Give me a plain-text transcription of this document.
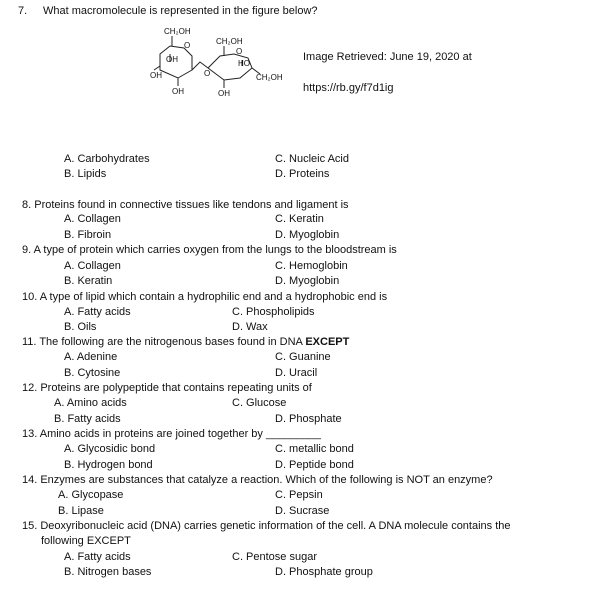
7. What macromolecule is represented in the figure below?
CH₂OH
O
OH
OH
OH
O
CH₂OH
O
HO
CH₂OH
OH
Image Retrieved: June 19, 2020 at
https://rb.gy/f7d1ig
A. Carbohydrates	C. Nucleic Acid
B. Lipids	D. Proteins
8. Proteins found in connective tissues like tendons and ligament is
A. Collagen	C. Keratin
B. Fibroin	D. Myoglobin
9. A type of protein which carries oxygen from the lungs to the bloodstream is
A. Collagen	C. Hemoglobin
B. Keratin	D. Myoglobin
10. A type of lipid which contain a hydrophilic end and a hydrophobic end is
A. Fatty acids	C. Phospholipids
B. Oils	D. Wax
11. The following are the nitrogenous bases found in DNA EXCEPT
A. Adenine	C. Guanine
B. Cytosine	D. Uracil
12. Proteins are polypeptide that contains repeating units of
A. Amino acids	C. Glucose
B. Fatty acids	D. Phosphate
13. Amino acids in proteins are joined together by _________
A. Glycosidic bond	C. metallic bond
B. Hydrogen bond	D. Peptide bond
14. Enzymes are substances that catalyze a reaction. Which of the following is NOT an enzyme?
A. Glycopase	C. Pepsin
B. Lipase	D. Sucrase
15. Deoxyribonucleic acid (DNA) carries genetic information of the cell. A DNA molecule contains the
following EXCEPT
A. Fatty acids	C. Pentose sugar
B. Nitrogen bases	D. Phosphate group
